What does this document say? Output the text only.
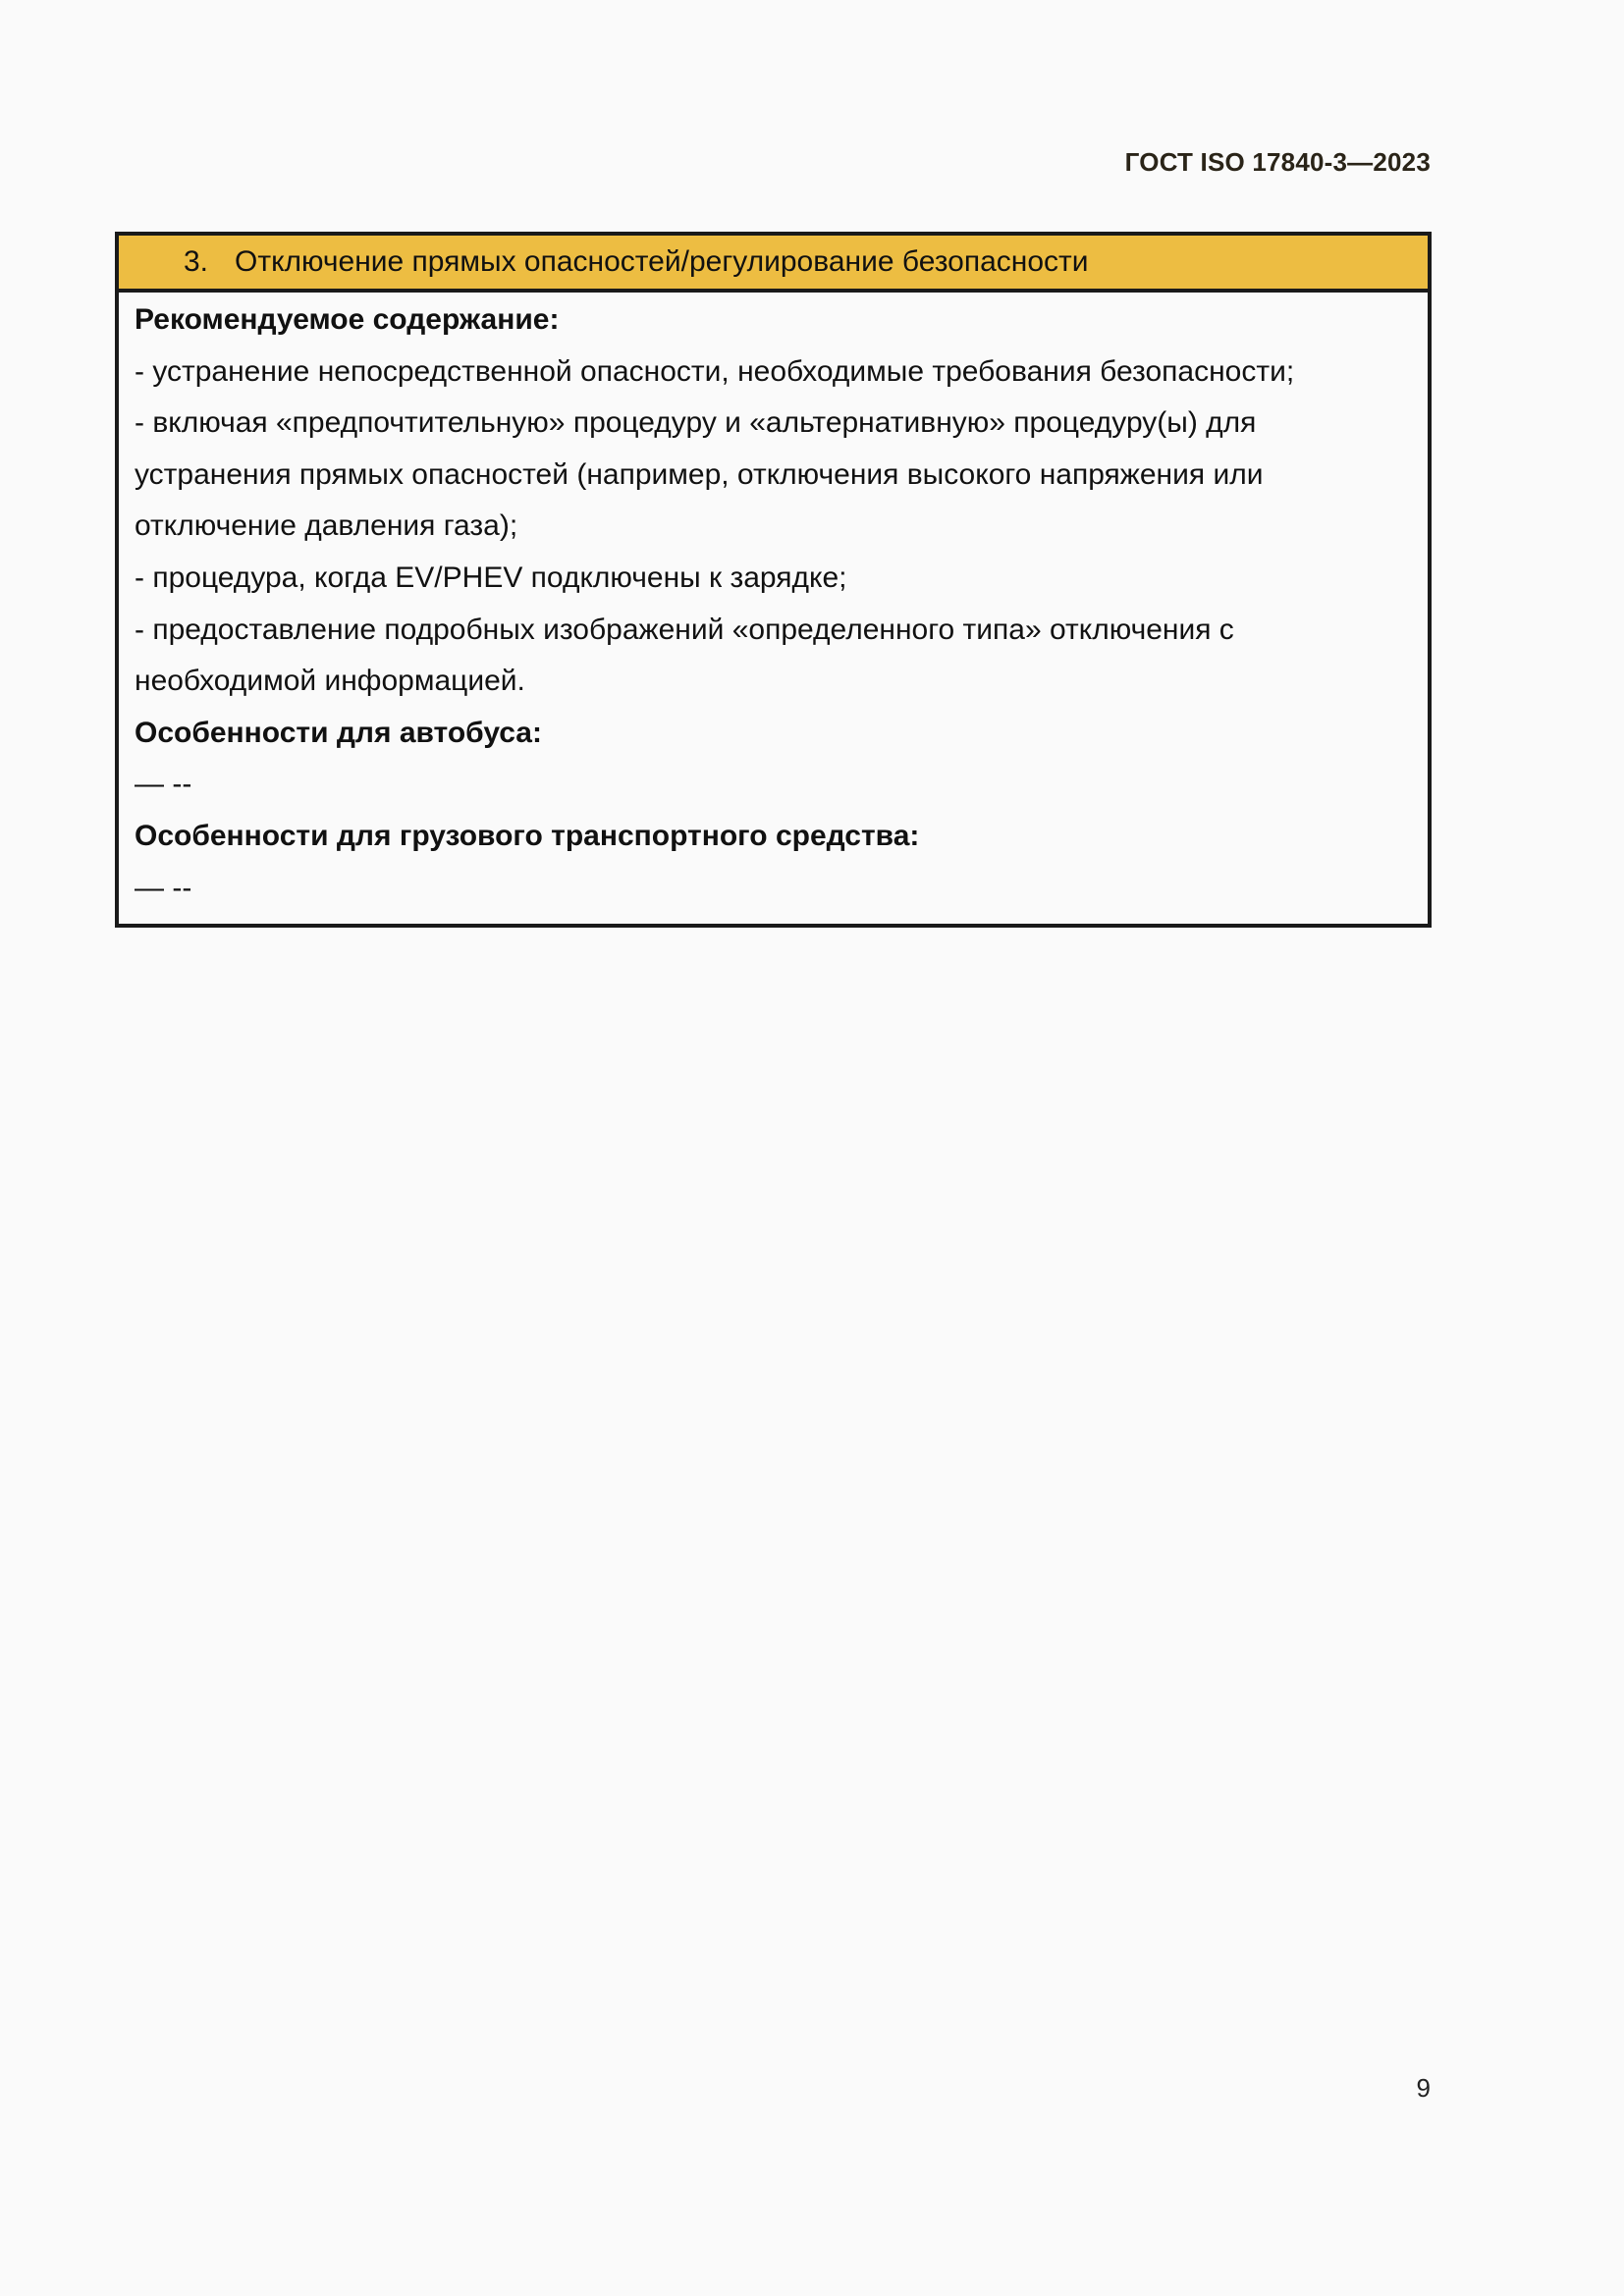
ГОСТ ISO 17840-3—2023
3. Отключение прямых опасностей/регулирование безопасности
Рекомендуемое содержание:
- устранение непосредственной опасности, необходимые требования безопасности;
- включая «предпочтительную» процедуру и «альтернативную» процедуру(ы) для
устранения прямых опасностей (например, отключения высокого напряжения или
отключение давления газа);
- процедура, когда EV/PHEV подключены к зарядке;
- предоставление подробных изображений «определенного типа» отключения с
необходимой информацией.
Особенности для автобуса:
— --
Особенности для грузового транспортного средства:
— --
9
